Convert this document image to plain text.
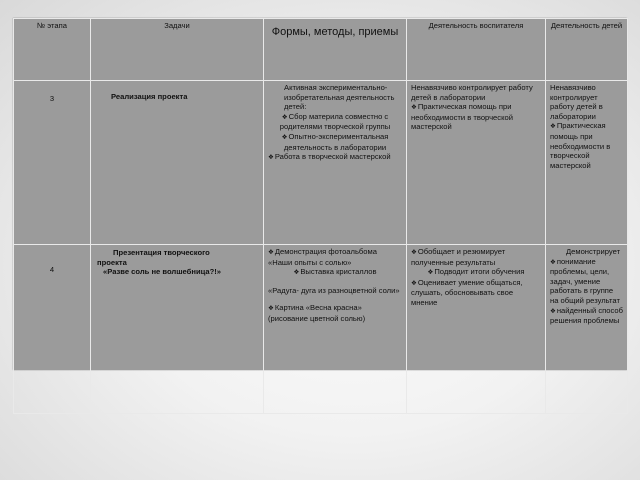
№ этапа	Задачи	Формы, методы, приемы	Деятельность воспитателя	Деятельность детей
3	Реализация проекта	Активная экспериментально-изобретательная деятельность детей:
❖ Сбор материла совместно с родителями творческой группы
❖ Опытно-экспериментальная деятельность в лаборатории
❖ Работа в творческой мастерской	Ненавязчиво контролирует работу детей в лаборатории
❖ Практическая помощь при необходимости в творческой мастерской	Ненавязчиво контролирует работу детей в лаборатории
❖ Практическая помощь при необходимости в творческой мастерской

4	Презентация творческого
проекта
«Разве соль не волшебница?!»	❖ Демонстрация фотоальбома «Наши опыты с солью»
❖ Выставка кристаллов
«Радуга- дуга из разноцветной соли»
❖ Картина «Весна красна» (рисование цветной солью)	❖ Обобщает и резюмирует полученные результаты
❖ Подводит итоги обучения
❖ Оценивает умение общаться, слушать, обосновывать свое мнение	Демонстрирует
❖ понимание проблемы, цели, задач, умение работать в группе на общий результат
❖ найденный способ решения проблемы
